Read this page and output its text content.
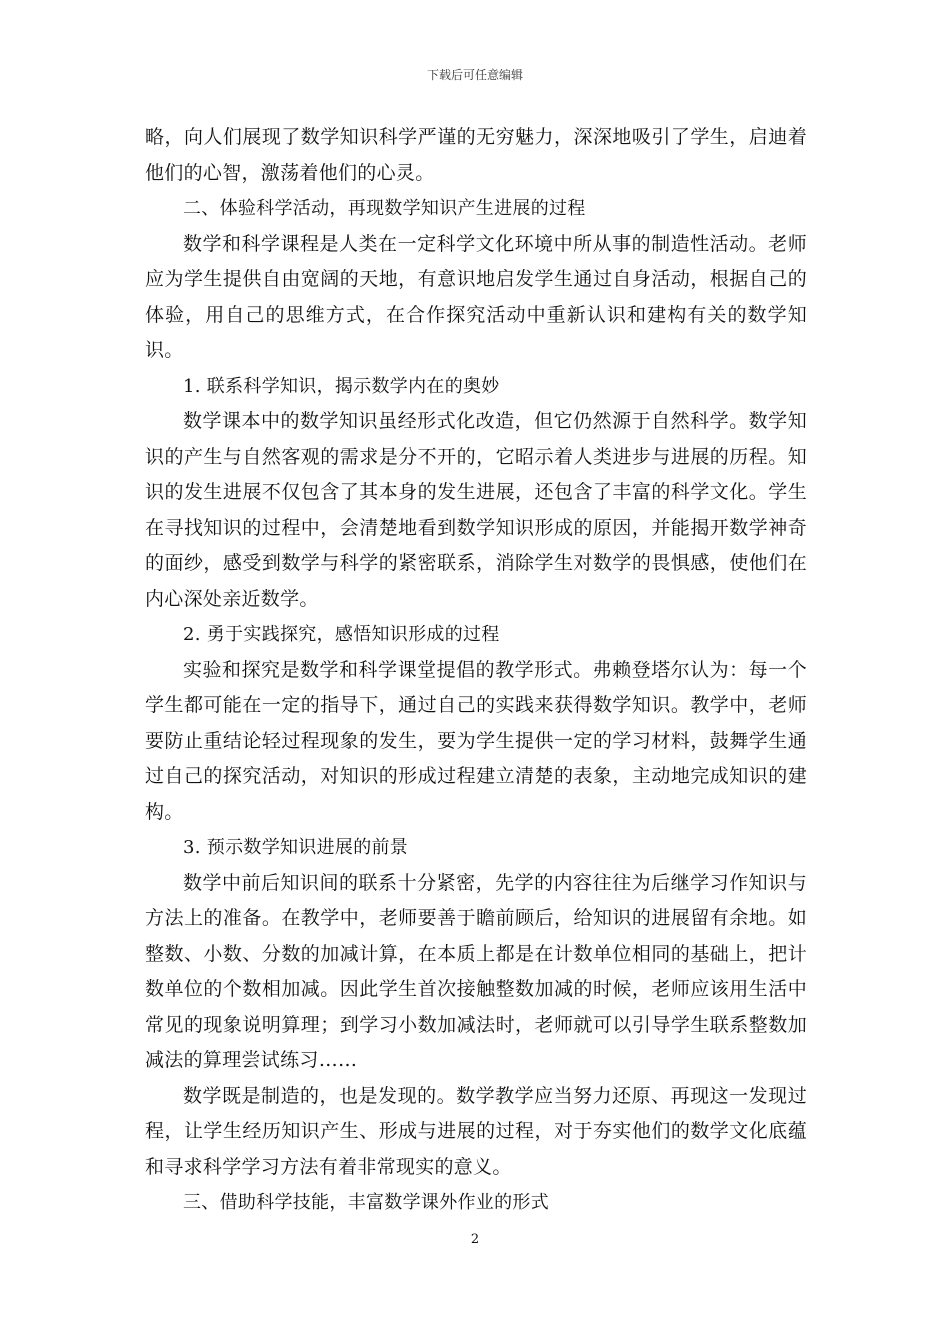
下载后可任意编辑

略，向人们展现了数学知识科学严谨的无穷魅力，深深地吸引了学生，启迪着他们的心智，激荡着他们的心灵。

二、体验科学活动，再现数学知识产生进展的过程

数学和科学课程是人类在一定科学文化环境中所从事的制造性活动。老师应为学生提供自由宽阔的天地，有意识地启发学生通过自身活动，根据自己的体验，用自己的思维方式，在合作探究活动中重新认识和建构有关的数学知识。

1. 联系科学知识，揭示数学内在的奥妙

数学课本中的数学知识虽经形式化改造，但它仍然源于自然科学。数学知识的产生与自然客观的需求是分不开的，它昭示着人类进步与进展的历程。知识的发生进展不仅包含了其本身的发生进展，还包含了丰富的科学文化。学生在寻找知识的过程中，会清楚地看到数学知识形成的原因，并能揭开数学神奇的面纱，感受到数学与科学的紧密联系，消除学生对数学的畏惧感，使他们在内心深处亲近数学。

2. 勇于实践探究，感悟知识形成的过程

实验和探究是数学和科学课堂提倡的教学形式。弗赖登塔尔认为：每一个学生都可能在一定的指导下，通过自己的实践来获得数学知识。教学中，老师要防止重结论轻过程现象的发生，要为学生提供一定的学习材料，鼓舞学生通过自己的探究活动，对知识的形成过程建立清楚的表象，主动地完成知识的建构。

3. 预示数学知识进展的前景

数学中前后知识间的联系十分紧密，先学的内容往往为后继学习作知识与方法上的准备。在教学中，老师要善于瞻前顾后，给知识的进展留有余地。如整数、小数、分数的加减计算，在本质上都是在计数单位相同的基础上，把计数单位的个数相加减。因此学生首次接触整数加减的时候，老师应该用生活中常见的现象说明算理；到学习小数加减法时，老师就可以引导学生联系整数加减法的算理尝试练习……

数学既是制造的，也是发现的。数学教学应当努力还原、再现这一发现过程，让学生经历知识产生、形成与进展的过程，对于夯实他们的数学文化底蕴和寻求科学学习方法有着非常现实的意义。

三、借助科学技能，丰富数学课外作业的形式

2
